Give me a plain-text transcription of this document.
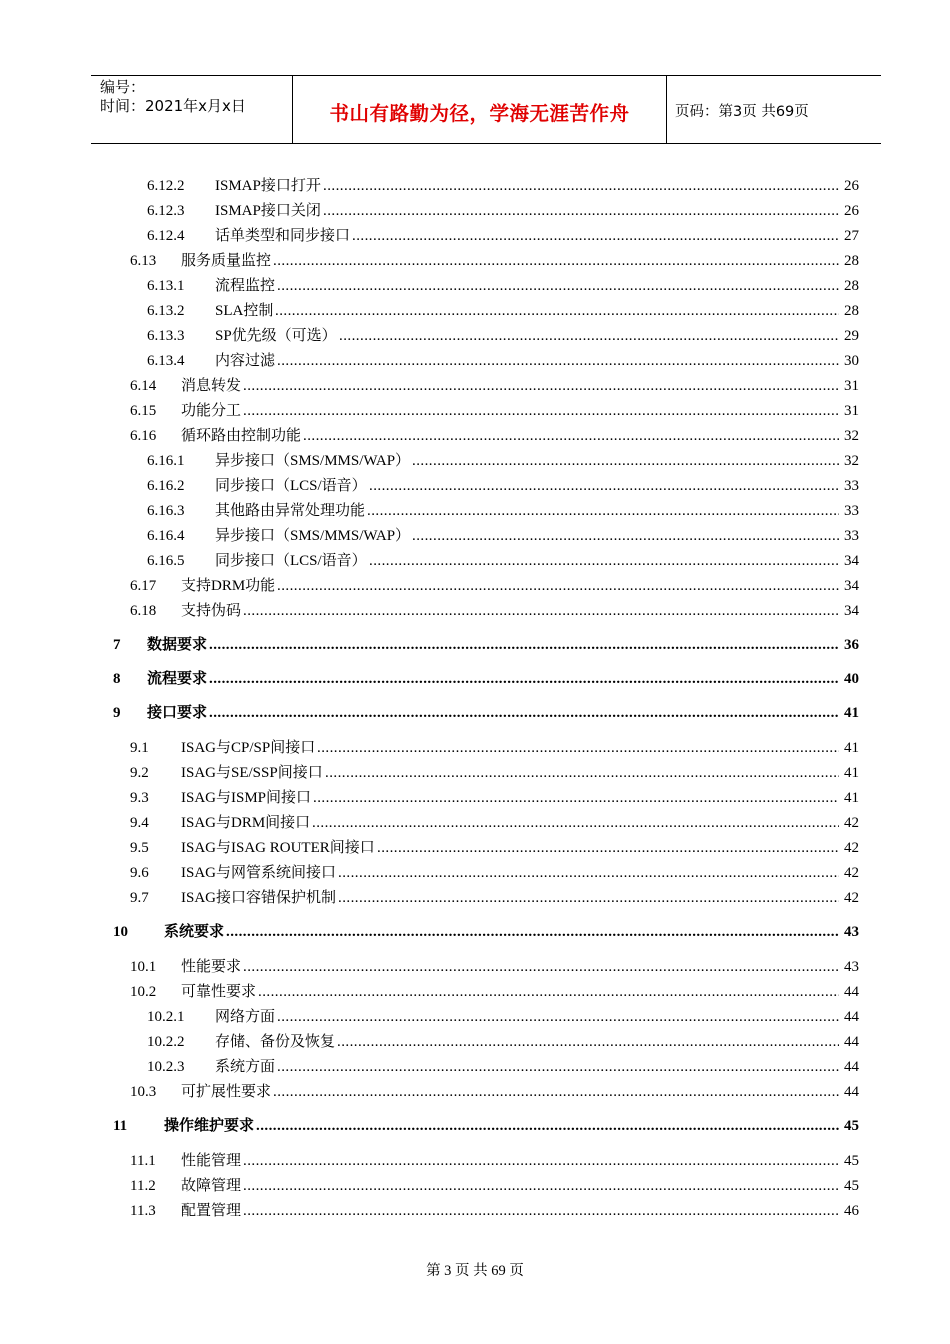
编号：
时间：2021年x月x日	书山有路勤为径，学海无涯苦作舟	页码：第3页 共69页
6.12.2 ISMAP接口打开 .....	26
6.12.3 ISMAP接口关闭 .....	26
6.12.4 话单类型和同步接口 .....	27
6.13 服务质量监控 .....	28
6.13.1 流程监控 .....	28
6.13.2 SLA控制 .....	28
6.13.3 SP优先级（可选） .....	29
6.13.4 内容过滤 .....	30
6.14 消息转发 .....	31
6.15 功能分工 .....	31
6.16 循环路由控制功能 .....	32
6.16.1 异步接口（SMS/MMS/WAP） .....	32
6.16.2 同步接口（LCS/语音） .....	33
6.16.3 其他路由异常处理功能 .....	33
6.16.4 异步接口（SMS/MMS/WAP） .....	33
6.16.5 同步接口（LCS/语音） .....	34
6.17 支持DRM功能 .....	34
6.18 支持伪码 .....	34
7 数据要求 .....	36
8 流程要求 .....	40
9 接口要求 .....	41
9.1 ISAG与CP/SP间接口 .....	41
9.2 ISAG与SE/SSP间接口 .....	41
9.3 ISAG与ISMP间接口 .....	41
9.4 ISAG与DRM间接口 .....	42
9.5 ISAG与ISAG ROUTER间接口 .....	42
9.6 ISAG与网管系统间接口 .....	42
9.7 ISAG接口容错保护机制 .....	42
10 系统要求 .....	43
10.1 性能要求 .....	43
10.2 可靠性要求 .....	44
10.2.1 网络方面 .....	44
10.2.2 存储、备份及恢复 .....	44
10.2.3 系统方面 .....	44
10.3 可扩展性要求 .....	44
11 操作维护要求 .....	45
11.1 性能管理 .....	45
11.2 故障管理 .....	45
11.3 配置管理 .....	46
第 3 页 共 69 页
